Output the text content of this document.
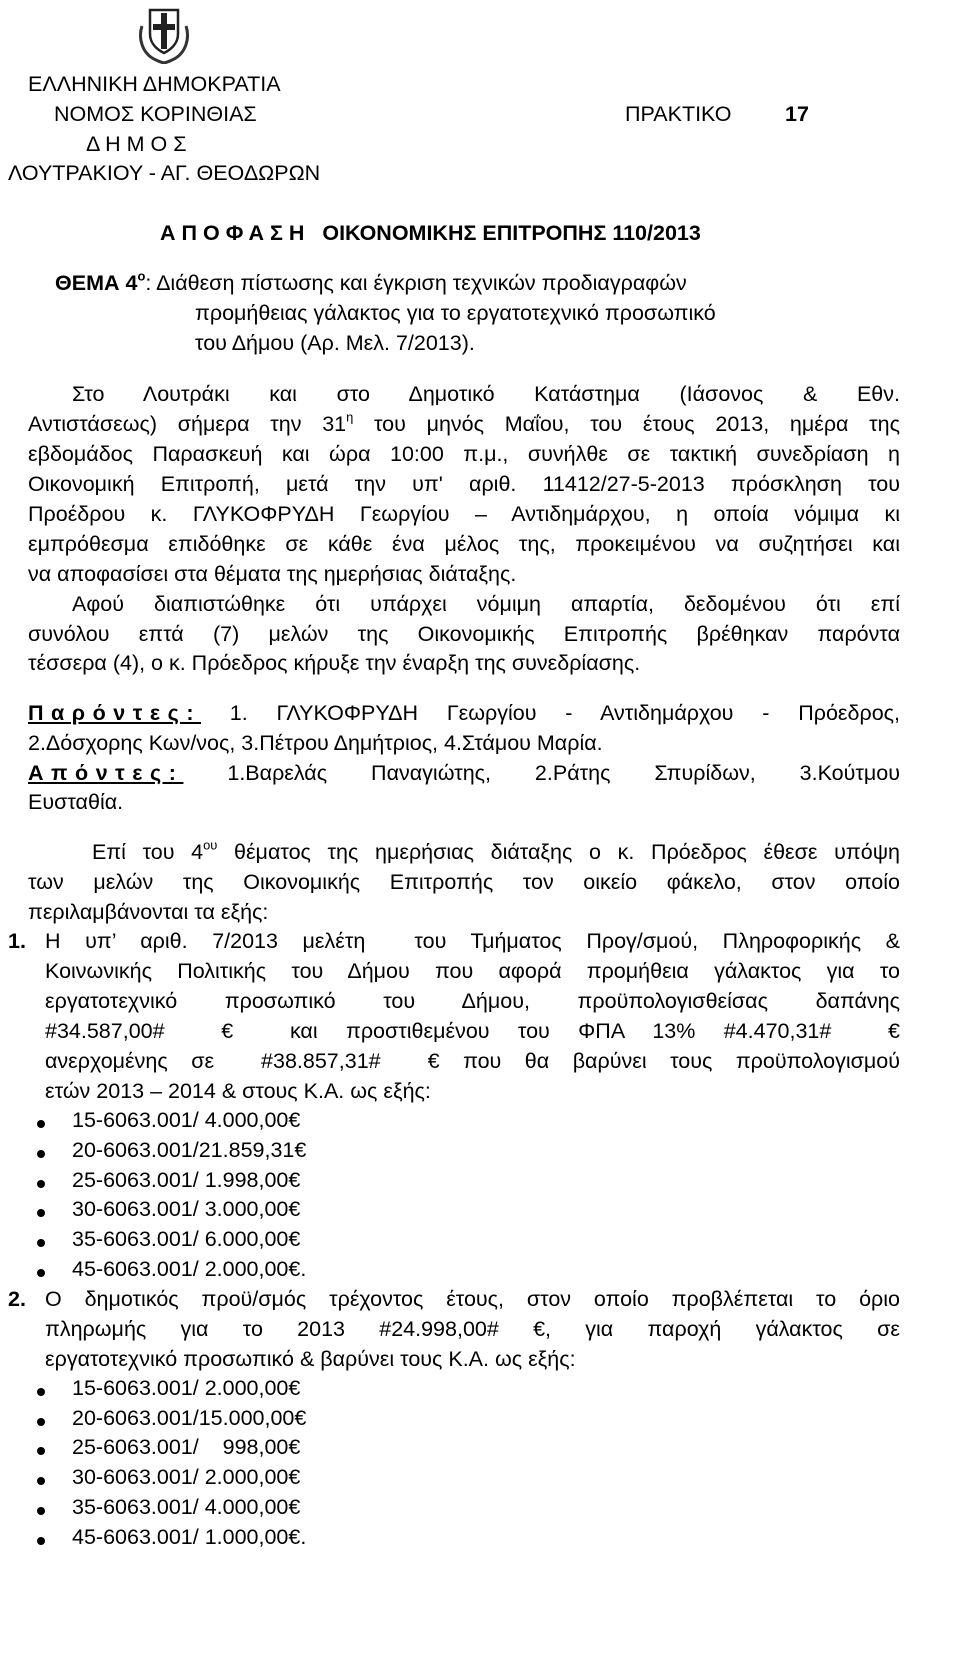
ΕΛΛΗΝΙΚΗ ΔΗΜΟΚΡΑΤΙΑ
ΝΟΜΟΣ ΚΟΡΙΝΘΙΑΣ
Δ Η Μ Ο Σ
ΛΟΥΤΡΑΚΙΟΥ - ΑΓ. ΘΕΟΔΩΡΩΝ
ΠΡΑΚΤΙΚΟ 17
Α Π Ο Φ Α Σ Η   ΟΙΚΟΝΟΜΙΚΗΣ ΕΠΙΤΡΟΠΗΣ 110/2013
ΘΕΜΑ $4^o$: Διάθεση πίστωσης και έγκριση τεχνικών προδιαγραφών
προμήθειας γάλακτος για το εργατοτεχνικό προσωπικό
του Δήμου (Αρ. Μελ. 7/2013).
Στο Λουτράκι και στο Δημοτικό Κατάστημα (Ιάσονος & Εθν.
Αντιστάσεως) σήμερα την $31^\eta$ του μηνός Μαΐου, του έτους 2013, ημέρα της
εβδομάδος Παρασκευή και ώρα 10:00 π.μ., συνήλθε σε τακτική συνεδρίαση η
Οικονομική Επιτροπή, μετά την υπ' αριθ. 11412/27-5-2013 πρόσκληση του
Προέδρου κ. ΓΛΥΚΟΦΡΥΔΗ Γεωργίου – Αντιδημάρχου, η οποία νόμιμα κι
εμπρόθεσμα επιδόθηκε σε κάθε ένα μέλος της, προκειμένου να συζητήσει και
να αποφασίσει στα θέματα της ημερήσιας διάταξης.
Αφού διαπιστώθηκε ότι υπάρχει νόμιμη απαρτία, δεδομένου ότι επί
συνόλου επτά (7) μελών της Οικονομικής Επιτροπής βρέθηκαν παρόντα
τέσσερα (4), ο κ. Πρόεδρος κήρυξε την έναρξη της συνεδρίασης.
Παρόντες: 1. ΓΛΥΚΟΦΡΥΔΗ Γεωργίου - Αντιδημάρχου - Πρόεδρος,
2.Δόσχορης Κων/νος, 3.Πέτρου Δημήτριος, 4.Στάμου Μαρία.
Απόντες: 1.Βαρελάς Παναγιώτης, 2.Ράτης Σπυρίδων, 3.Κούτμου
Ευσταθία.
Επί του $4^{o\upsilon}$ θέματος της ημερήσιας διάταξης ο κ. Πρόεδρος έθεσε υπόψη
των μελών της Οικονομικής Επιτροπής τον οικείο φάκελο, στον οποίο
περιλαμβάνονται τα εξής:
1. Η υπ’ αριθ. 7/2013 μελέτη  του Τμήματος Προγ/σμού, Πληροφορικής &
Κοινωνικής Πολιτικής του Δήμου που αφορά προμήθεια γάλακτος για το
εργατοτεχνικό προσωπικό του Δήμου, προϋπολογισθείσας δαπάνης
#34.587,00#  €  και προστιθεμένου του ΦΠΑ 13% #4.470,31#  €
ανερχομένης σε  #38.857,31#  € που θα βαρύνει τους προϋπολογισμού
ετών 2013 – 2014 & στους Κ.Α. ως εξής:
15-6063.001/ 4.000,00€
20-6063.001/21.859,31€
25-6063.001/ 1.998,00€
30-6063.001/ 3.000,00€
35-6063.001/ 6.000,00€
45-6063.001/ 2.000,00€.
2. Ο δημοτικός προϋ/σμός τρέχοντος έτους, στον οποίο προβλέπεται το όριο
πληρωμής για το 2013 #24.998,00# €, για παροχή γάλακτος σε
εργατοτεχνικό προσωπικό & βαρύνει τους Κ.Α. ως εξής:
15-6063.001/ 2.000,00€
20-6063.001/15.000,00€
25-6063.001/    998,00€
30-6063.001/ 2.000,00€
35-6063.001/ 4.000,00€
45-6063.001/ 1.000,00€.
